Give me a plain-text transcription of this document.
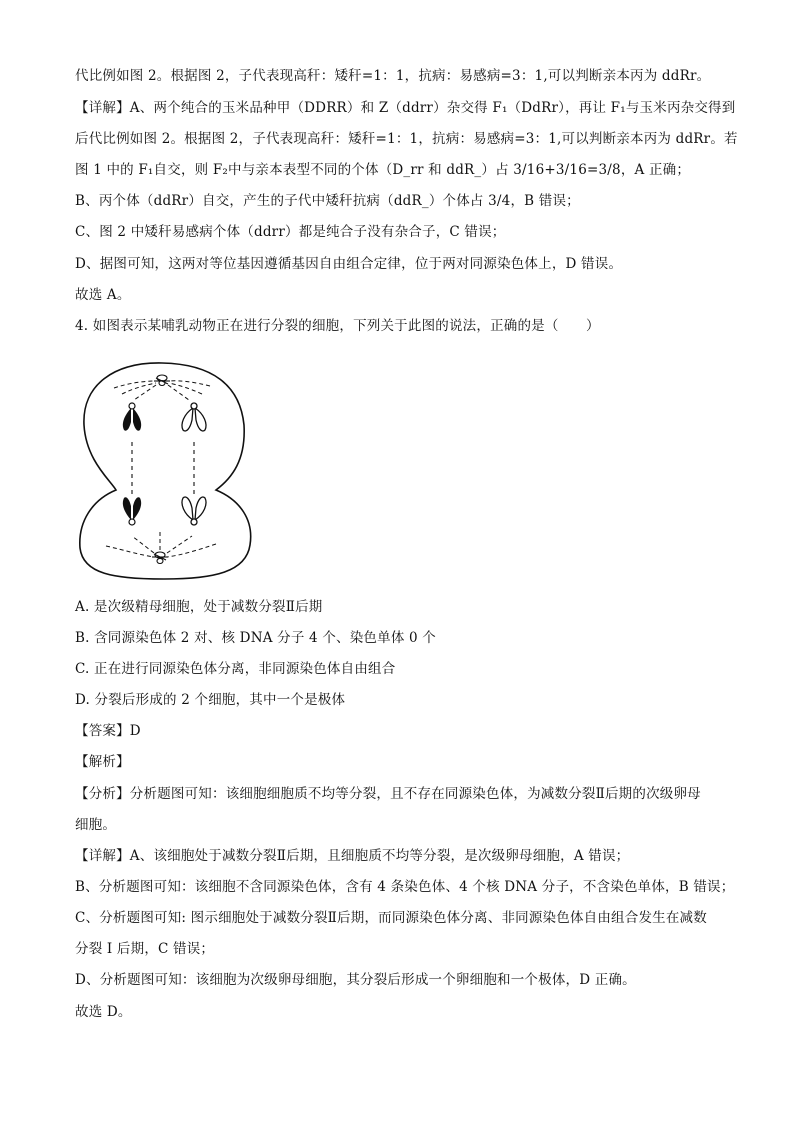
代比例如图 2。根据图 2，子代表现高秆：矮秆=1：1，抗病：易感病=3：1,可以判断亲本丙为 ddRr。
【详解】A、两个纯合的玉米品种甲（DDRR）和 Z（ddrr）杂交得 F₁（DdRr），再让 F₁与玉米丙杂交得到
后代比例如图 2。根据图 2，子代表现高秆：矮秆=1：1，抗病：易感病=3：1,可以判断亲本丙为 ddRr。若
图 1 中的 F₁自交，则 F₂中与亲本表型不同的个体（D_rr 和 ddR_）占 3/16+3/16=3/8，A 正确；
B、丙个体（ddRr）自交，产生的子代中矮秆抗病（ddR_）个体占 3/4，B 错误；
C、图 2 中矮秆易感病个体（ddrr）都是纯合子没有杂合子，C 错误；
D、据图可知，这两对等位基因遵循基因自由组合定律，位于两对同源染色体上，D 错误。
故选 A。
4. 如图表示某哺乳动物正在进行分裂的细胞，下列关于此图的说法，正确的是（　　）
A. 是次级精母细胞，处于减数分裂Ⅱ后期
B. 含同源染色体 2 对、核 DNA 分子 4 个、染色单体 0 个
C. 正在进行同源染色体分离，非同源染色体自由组合
D. 分裂后形成的 2 个细胞，其中一个是极体
【答案】D
【解析】
【分析】分析题图可知：该细胞细胞质不均等分裂，且不存在同源染色体，为减数分裂Ⅱ后期的次级卵母
细胞。
【详解】A、该细胞处于减数分裂Ⅱ后期，且细胞质不均等分裂，是次级卵母细胞，A 错误；
B、分析题图可知：该细胞不含同源染色体，含有 4 条染色体、4 个核 DNA 分子，不含染色单体，B 错误；
C、分析题图可知: 图示细胞处于减数分裂Ⅱ后期，而同源染色体分离、非同源染色体自由组合发生在减数
分裂 I 后期，C 错误；
D、分析题图可知：该细胞为次级卵母细胞，其分裂后形成一个卵细胞和一个极体，D 正确。
故选 D。
